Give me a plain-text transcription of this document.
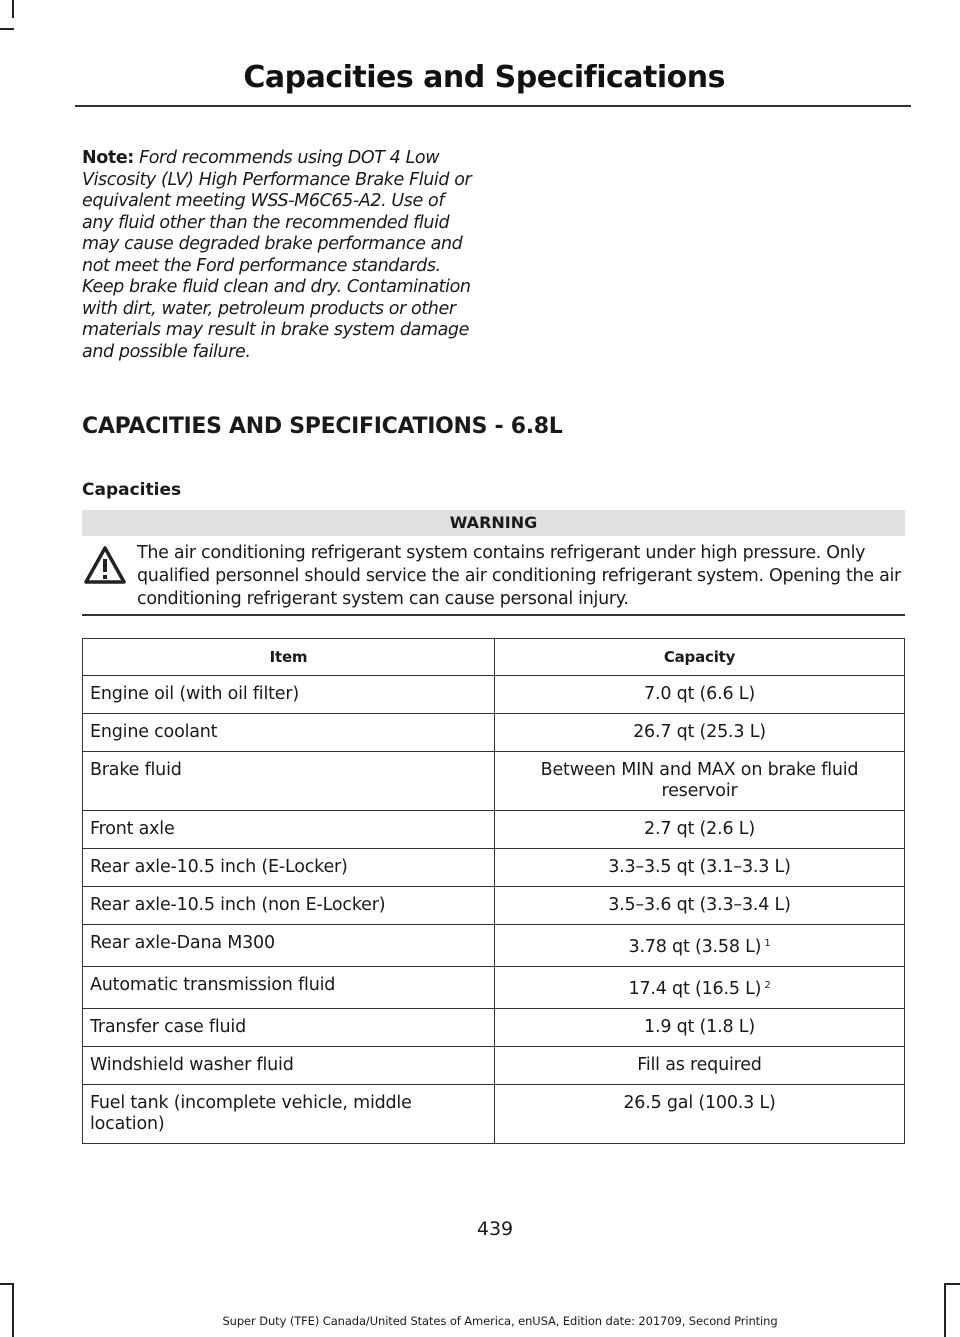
Capacities and Specifications
Note: Ford recommends using DOT 4 Low Viscosity (LV) High Performance Brake Fluid or equivalent meeting WSS-M6C65-A2. Use of any fluid other than the recommended fluid may cause degraded brake performance and not meet the Ford performance standards. Keep brake fluid clean and dry. Contamination with dirt, water, petroleum products or other materials may result in brake system damage and possible failure.
CAPACITIES AND SPECIFICATIONS - 6.8L
Capacities
WARNING
The air conditioning refrigerant system contains refrigerant under high pressure. Only qualified personnel should service the air conditioning refrigerant system. Opening the air conditioning refrigerant system can cause personal injury.
Item	Capacity
Engine oil (with oil filter)	7.0 qt (6.6 L)
Engine coolant	26.7 qt (25.3 L)
Brake fluid	Between MIN and MAX on brake fluid reservoir
Front axle	2.7 qt (2.6 L)
Rear axle-10.5 inch (E-Locker)	3.3–3.5 qt (3.1–3.3 L)
Rear axle-10.5 inch (non E-Locker)	3.5–3.6 qt (3.3–3.4 L)
Rear axle-Dana M300	3.78 qt (3.58 L) $^1$
Automatic transmission fluid	17.4 qt (16.5 L) $^2$
Transfer case fluid	1.9 qt (1.8 L)
Windshield washer fluid	Fill as required
Fuel tank (incomplete vehicle, middle location)	26.5 gal (100.3 L)
439
Super Duty (TFE) Canada/United States of America, enUSA, Edition date: 201709, Second Printing
